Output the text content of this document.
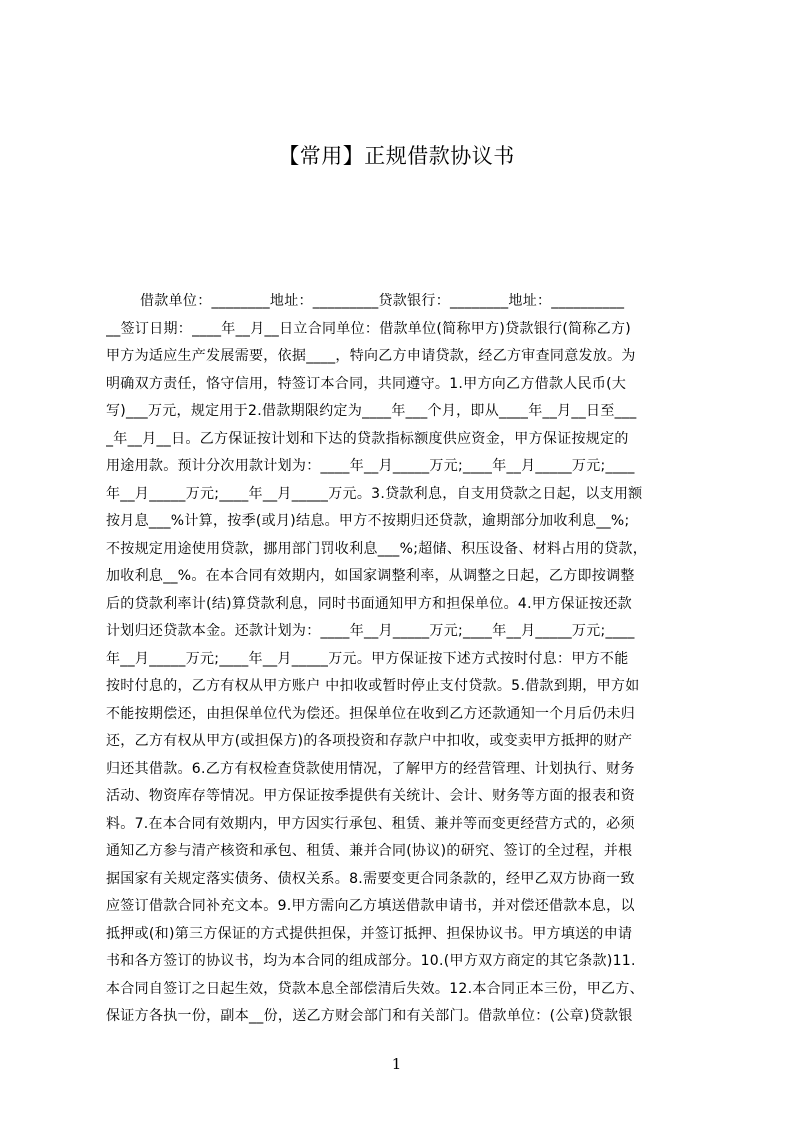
【常用】正规借款协议书
借款单位：________地址：_________贷款银行：________地址：__________
__签订日期：____年__月__日立合同单位：借款单位(简称甲方)贷款银行(简称乙方)
甲方为适应生产发展需要，依据____，特向乙方申请贷款，经乙方审查同意发放。为
明确双方责任，恪守信用，特签订本合同，共同遵守。1.甲方向乙方借款人民币(大
写)___万元，规定用于2.借款期限约定为____年___个月，即从____年__月__日至___
_年__月__日。乙方保证按计划和下达的贷款指标额度供应资金，甲方保证按规定的
用途用款。预计分次用款计划为：____年__月_____万元;____年__月_____万元;____
年__月_____万元;____年__月_____万元。3.贷款利息，自支用贷款之日起，以支用额
按月息___%计算，按季(或月)结息。甲方不按期归还贷款，逾期部分加收利息__%;
不按规定用途使用贷款，挪用部门罚收利息___%;超储、积压设备、材料占用的贷款，
加收利息__%。在本合同有效期内，如国家调整利率，从调整之日起，乙方即按调整
后的贷款利率计(结)算贷款利息，同时书面通知甲方和担保单位。4.甲方保证按还款
计划归还贷款本金。还款计划为：____年__月_____万元;____年__月_____万元;____
年__月_____万元;____年__月_____万元。甲方保证按下述方式按时付息：甲方不能
按时付息的，乙方有权从甲方账户 中扣收或暂时停止支付贷款。5.借款到期，甲方如
不能按期偿还，由担保单位代为偿还。担保单位在收到乙方还款通知一个月后仍未归
还，乙方有权从甲方(或担保方)的各项投资和存款户中扣收，或变卖甲方抵押的财产
归还其借款。6.乙方有权检查贷款使用情况，了解甲方的经营管理、计划执行、财务
活动、物资库存等情况。甲方保证按季提供有关统计、会计、财务等方面的报表和资
料。7.在本合同有效期内，甲方因实行承包、租赁、兼并等而变更经营方式的，必须
通知乙方参与清产核资和承包、租赁、兼并合同(协议)的研究、签订的全过程，并根
据国家有关规定落实债务、债权关系。8.需要变更合同条款的，经甲乙双方协商一致
应签订借款合同补充文本。9.甲方需向乙方填送借款申请书，并对偿还借款本息，以
抵押或(和)第三方保证的方式提供担保，并签订抵押、担保协议书。甲方填送的申请
书和各方签订的协议书，均为本合同的组成部分。10.(甲方双方商定的其它条款)11.
本合同自签订之日起生效，贷款本息全部偿清后失效。12.本合同正本三份，甲乙方、
保证方各执一份，副本__份，送乙方财会部门和有关部门。借款单位：(公章)贷款银
1
